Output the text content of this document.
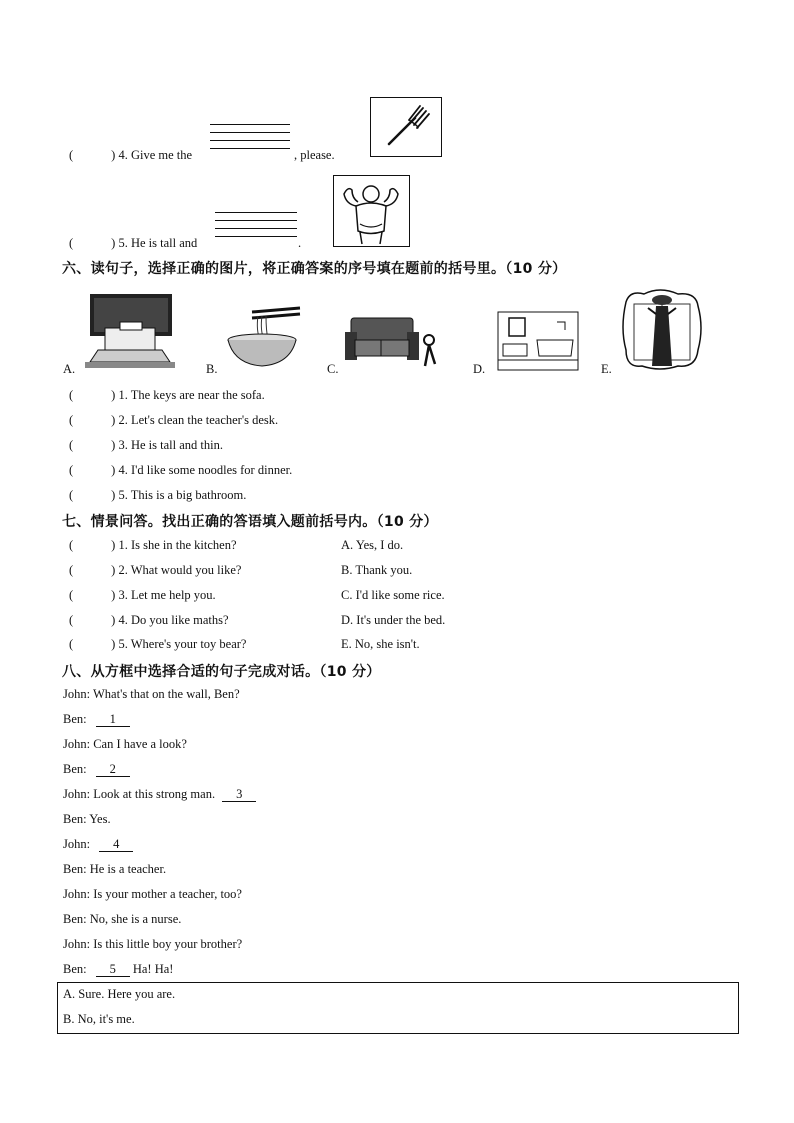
(	) 4. Give me the	, please.
(	) 5. He is tall and	.
六、读句子，选择正确的图片，将正确答案的序号填在题前的括号里。（10 分）
A.	B.	C.	D.	E.
(	) 1. The keys are near the sofa.
(	) 2. Let's clean the teacher's desk.
(	) 3. He is tall and thin.
(	) 4. I'd like some noodles for dinner.
(	) 5. This is a big bathroom.
七、情景问答。找出正确的答语填入题前括号内。（10 分）
(	) 1. Is she in the kitchen?	A. Yes, I do.
(	) 2. What would you like?	B. Thank you.
(	) 3. Let me help you.	C. I'd like some rice.
(	) 4. Do you like maths?	D. It's under the bed.
(	) 5. Where's your toy bear?	E. No, she isn't.
八、从方框中选择合适的句子完成对话。（10 分）
John: What's that on the wall, Ben?
Ben: 1
John: Can I have a look?
Ben: 2
John: Look at this strong man. 3
Ben: Yes.
John: 4
Ben: He is a teacher.
John: Is your mother a teacher, too?
Ben: No, she is a nurse.
John: Is this little boy your brother?
Ben: 5 Ha! Ha!
A. Sure. Here you are.
B. No, it's me.
